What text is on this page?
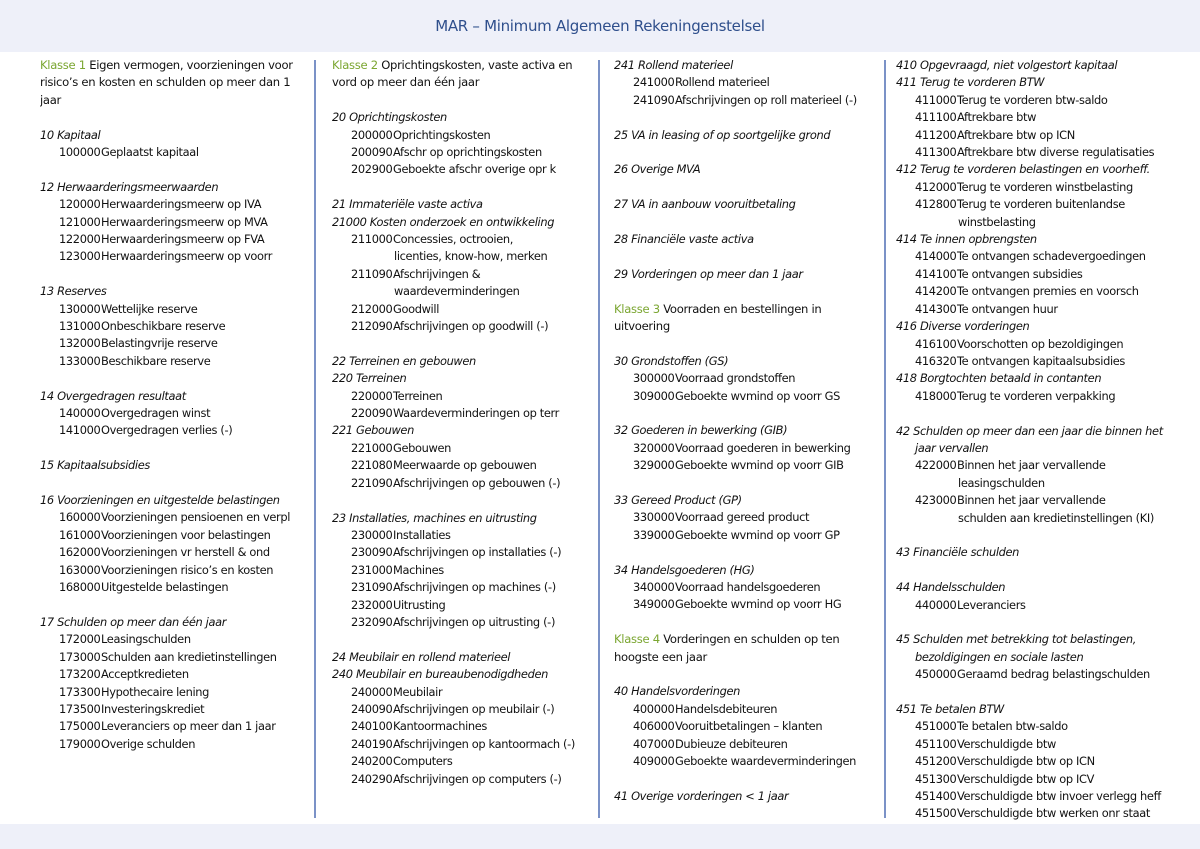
MAR – Minimum Algemeen Rekeningenstelsel
Klasse 1 Eigen vermogen, voorzieningen voor risico’s en kosten en schulden op meer dan 1 jaar
10 Kapitaal
100000Geplaatst kapitaal
12 Herwaarderingsmeerwaarden
120000Herwaarderingsmeerw op IVA
121000Herwaarderingsmeerw op MVA
122000Herwaarderingsmeerw op FVA
123000Herwaarderingsmeerw op voorr
13 Reserves
130000Wettelijke reserve
131000Onbeschikbare reserve
132000Belastingvrije reserve
133000Beschikbare reserve
14 Overgedragen resultaat
140000Overgedragen winst
141000Overgedragen verlies (-)
15 Kapitaalsubsidies
16 Voorzieningen en uitgestelde belastingen
160000Voorzieningen pensioenen en verpl
161000Voorzieningen voor belastingen
162000Voorzieningen vr herstell & ond
163000Voorzieningen risico’s en kosten
168000Uitgestelde belastingen
17 Schulden op meer dan één jaar
172000Leasingschulden
173000Schulden aan kredietinstellingen
173200Acceptkredieten
173300Hypothecaire lening
173500Investeringskrediet
175000Leveranciers op meer dan 1 jaar
179000Overige schulden
Klasse 2 Oprichtingskosten, vaste activa en vord op meer dan één jaar
20 Oprichtingskosten
200000Oprichtingskosten
200090Afschr op oprichtingskosten
202900Geboekte afschr overige opr k
21 Immateriële vaste activa
21000 Kosten onderzoek en ontwikkeling
211000Concessies, octrooien,
licenties, know-how, merken
211090Afschrijvingen &
waardeverminderingen
212000Goodwill
212090Afschrijvingen op goodwill (-)
22 Terreinen en gebouwen
220 Terreinen
220000Terreinen
220090Waardeverminderingen op terr
221 Gebouwen
221000Gebouwen
221080Meerwaarde op gebouwen
221090Afschrijvingen op gebouwen (-)
23 Installaties, machines en uitrusting
230000Installaties
230090Afschrijvingen op installaties (-)
231000Machines
231090Afschrijvingen op machines (-)
232000Uitrusting
232090Afschrijvingen op uitrusting (-)
24 Meubilair en rollend materieel
240 Meubilair en bureaubenodigdheden
240000Meubilair
240090Afschrijvingen op meubilair (-)
240100Kantoormachines
240190Afschrijvingen op kantoormach (-)
240200Computers
240290Afschrijvingen op computers (-)
241 Rollend materieel
241000Rollend materieel
241090Afschrijvingen op roll materieel (-)
25 VA in leasing of op soortgelijke grond
26 Overige MVA
27 VA in aanbouw vooruitbetaling
28 Financiële vaste activa
29 Vorderingen op meer dan 1 jaar
Klasse 3 Voorraden en bestellingen in uitvoering
30 Grondstoffen (GS)
300000Voorraad grondstoffen
309000Geboekte wvmind op voorr GS
32 Goederen in bewerking (GIB)
320000Voorraad goederen in bewerking
329000Geboekte wvmind op voorr GIB
33 Gereed Product (GP)
330000Voorraad gereed product
339000Geboekte wvmind op voorr GP
34 Handelsgoederen (HG)
340000Voorraad handelsgoederen
349000Geboekte wvmind op voorr HG
Klasse 4 Vorderingen en schulden op ten hoogste een jaar
40 Handelsvorderingen
400000Handelsdebiteuren
406000Vooruitbetalingen – klanten
407000Dubieuze debiteuren
409000Geboekte waardeverminderingen
41 Overige vorderingen < 1 jaar
410 Opgevraagd, niet volgestort kapitaal
411 Terug te vorderen BTW
411000Terug te vorderen btw-saldo
411100Aftrekbare btw
411200Aftrekbare btw op ICN
411300Aftrekbare btw diverse regulatisaties
412 Terug te vorderen belastingen en voorheff.
412000Terug te vorderen winstbelasting
412800Terug te vorderen buitenlandse
winstbelasting
414 Te innen opbrengsten
414000Te ontvangen schadevergoedingen
414100Te ontvangen subsidies
414200Te ontvangen premies en voorsch
414300Te ontvangen huur
416 Diverse vorderingen
416100Voorschotten op bezoldigingen
416320Te ontvangen kapitaalsubsidies
418 Borgtochten betaald in contanten
418000Terug te vorderen verpakking
42 Schulden op meer dan een jaar die binnen het
jaar vervallen
422000Binnen het jaar vervallende
leasingschulden
423000Binnen het jaar vervallende
schulden aan kredietinstellingen (KI)
43 Financiële schulden
44 Handelsschulden
440000Leveranciers
45 Schulden met betrekking tot belastingen,
bezoldigingen en sociale lasten
450000Geraamd bedrag belastingschulden
451 Te betalen BTW
451000Te betalen btw-saldo
451100Verschuldigde btw
451200Verschuldigde btw op ICN
451300Verschuldigde btw op ICV
451400Verschuldigde btw invoer verlegg heff
451500Verschuldigde btw werken onr staat
